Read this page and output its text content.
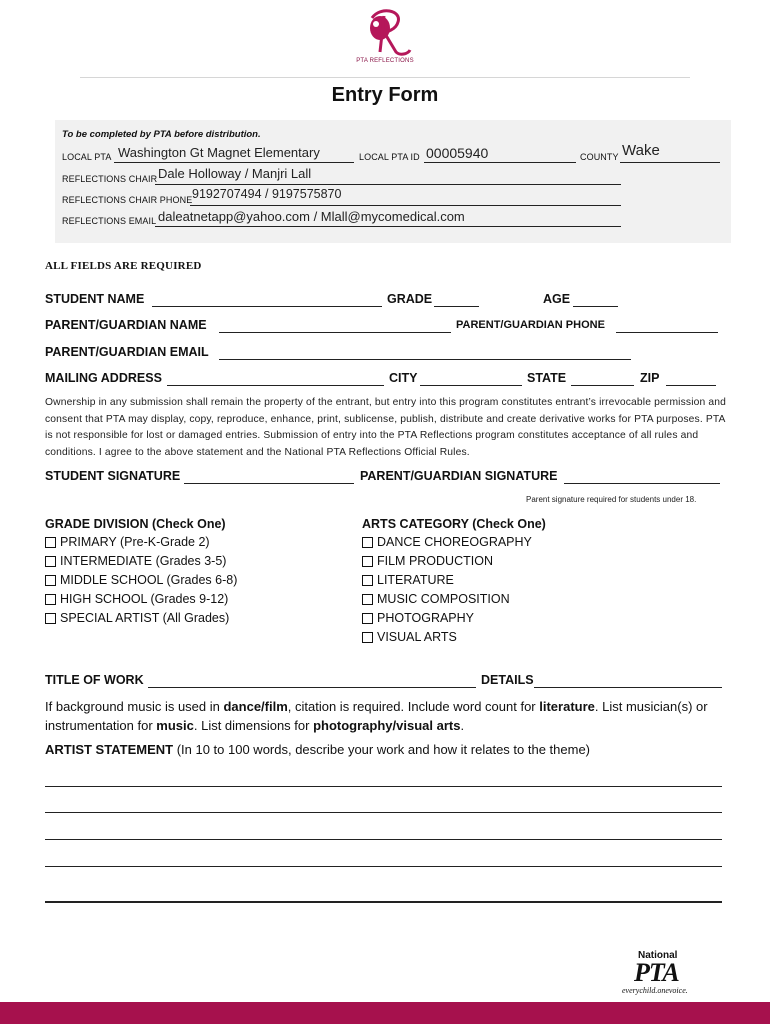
PTA REFLECTIONS
Entry Form
To be completed by PTA before distribution.
LOCAL PTA Washington Gt Magnet Elementary	LOCAL PTA ID 00005940	COUNTY Wake
REFLECTIONS CHAIR Dale Holloway / Manjri Lall
REFLECTIONS CHAIR PHONE 9192707494 / 9197575870
REFLECTIONS EMAIL daleatnetapp@yahoo.com / Mlall@mycomedical.com
ALL FIELDS ARE REQUIRED
STUDENT NAME	GRADE	AGE
PARENT/GUARDIAN NAME	PARENT/GUARDIAN PHONE
PARENT/GUARDIAN EMAIL
MAILING ADDRESS	CITY	STATE	ZIP
Ownership in any submission shall remain the property of the entrant, but entry into this program constitutes entrant’s irrevocable permission and consent that PTA may display, copy, reproduce, enhance, print, sublicense, publish, distribute and create derivative works for PTA purposes. PTA is not responsible for lost or damaged entries. Submission of entry into the PTA Reflections program constitutes acceptance of all rules and conditions. I agree to the above statement and the National PTA Reflections Official Rules.
STUDENT SIGNATURE	PARENT/GUARDIAN SIGNATURE
Parent signature required for students under 18.
GRADE DIVISION (Check One)
PRIMARY (Pre-K-Grade 2)
INTERMEDIATE (Grades 3-5)
MIDDLE SCHOOL (Grades 6-8)
HIGH SCHOOL (Grades 9-12)
SPECIAL ARTIST (All Grades)
ARTS CATEGORY (Check One)
DANCE CHOREOGRAPHY
FILM PRODUCTION
LITERATURE
MUSIC COMPOSITION
PHOTOGRAPHY
VISUAL ARTS
TITLE OF WORK	DETAILS
If background music is used in dance/film, citation is required. Include word count for literature. List musician(s) or instrumentation for music. List dimensions for photography/visual arts.
ARTIST STATEMENT (In 10 to 100 words, describe your work and how it relates to the theme)
National
PTA
everychild.onevoice.
